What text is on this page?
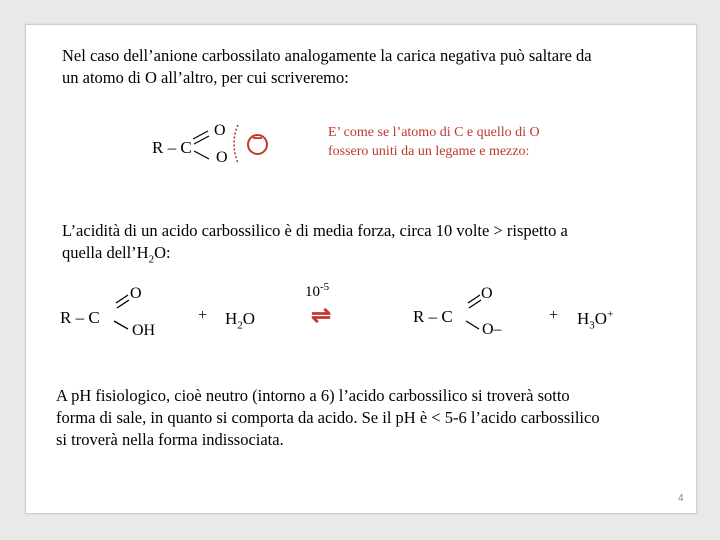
Nel caso dell’anione carbossilato analogamente la carica negativa può saltare da
un atomo di O all’altro, per cui scriveremo:
R – C
O
O
–	E’ come se l’atomo di C e quello di O
fossero uniti da un legame e mezzo:
L’acidità di un acido carbossilico è di media forza, circa 10 volte > rispetto a
quella $dell’H_2O$:
R – C
O
OH
+ $H_2O$
$10^{-5}$
⇌	R – C
O
O–
+ $H_3O^+$
A pH fisiologico, cioè neutro (intorno a 6) l’acido carbossilico si troverà sotto
forma di sale, in quanto si comporta da acido. Se il pH è < 5-6 l’acido carbossilico
si troverà nella forma indissociata.
4
